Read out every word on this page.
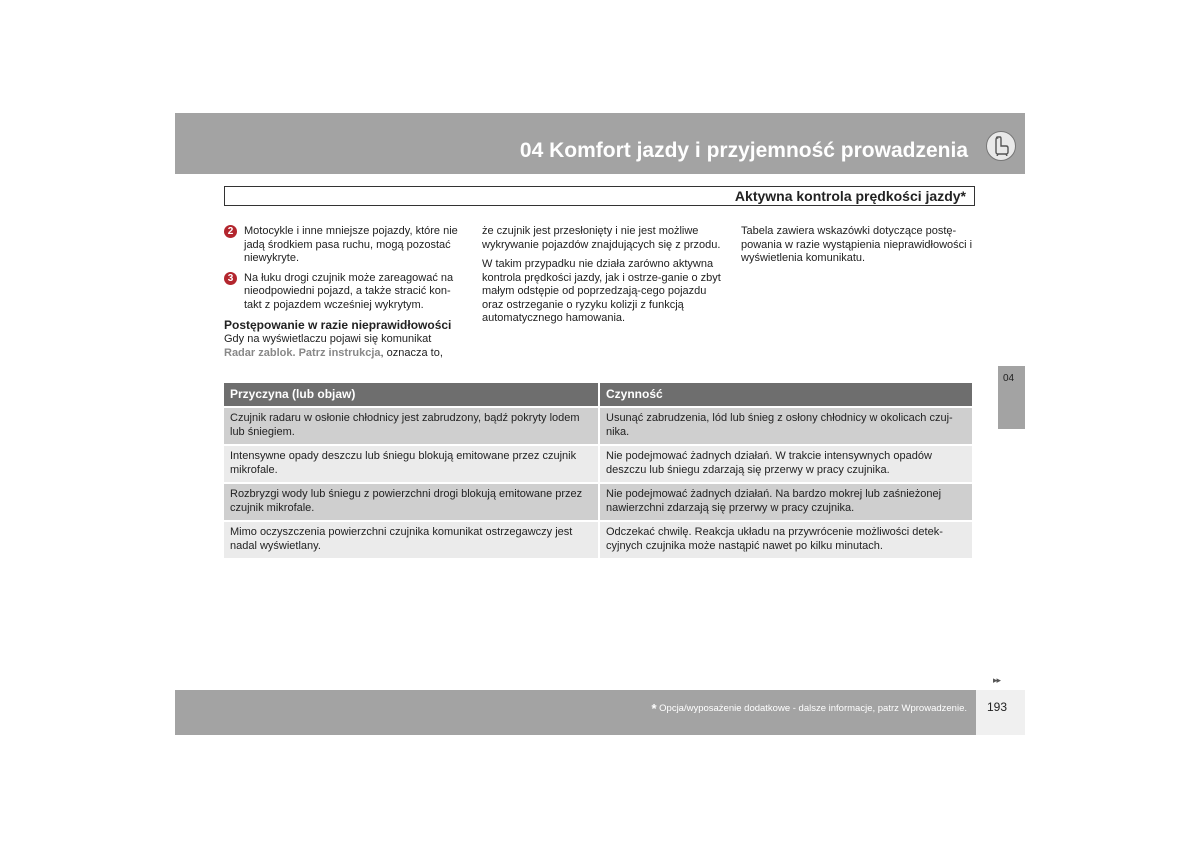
04 Komfort jazdy i przyjemność prowadzenia
Aktywna kontrola prędkości jazdy*
2 Motocykle i inne mniejsze pojazdy, które nie jadą środkiem pasa ruchu, mogą pozostać niewykryte.
3 Na łuku drogi czujnik może zareagować na nieodpowiedni pojazd, a także stracić kon-takt z pojazdem wcześniej wykrytym.
Postępowanie w razie nieprawidłowości

Gdy na wyświetlaczu pojawi się komunikat
Radar zablok. Patrz instrukcja, oznacza to,

że czujnik jest przesłonięty i nie jest możliwe wykrywanie pojazdów znajdujących się z przodu.

W takim przypadku nie działa zarówno aktywna kontrola prędkości jazdy, jak i ostrze-ganie o zbyt małym odstępie od poprzedzają-cego pojazdu oraz ostrzeganie o ryzyku kolizji z funkcją automatycznego hamowania.

Tabela zawiera wskazówki dotyczące postę-powania w razie wystąpienia nieprawidłowości i wyświetlenia komunikatu.

04
Przyczyna (lub objaw)	Czynność
Czujnik radaru w osłonie chłodnicy jest zabrudzony, bądź pokryty lodem lub śniegiem.	Usunąć zabrudzenia, lód lub śnieg z osłony chłodnicy w okolicach czuj-nika.
Intensywne opady deszczu lub śniegu blokują emitowane przez czujnik mikrofale.	Nie podejmować żadnych działań. W trakcie intensywnych opadów deszczu lub śniegu zdarzają się przerwy w pracy czujnika.
Rozbryzgi wody lub śniegu z powierzchni drogi blokują emitowane przez czujnik mikrofale.	Nie podejmować żadnych działań. Na bardzo mokrej lub zaśnieżonej nawierzchni zdarzają się przerwy w pracy czujnika.
Mimo oczyszczenia powierzchni czujnika komunikat ostrzegawczy jest nadal wyświetlany.	Odczekać chwilę. Reakcja układu na przywrócenie możliwości detek-cyjnych czujnika może nastąpić nawet po kilku minutach.
▸▸
* Opcja/wyposażenie dodatkowe - dalsze informacje, patrz Wprowadzenie. 193
